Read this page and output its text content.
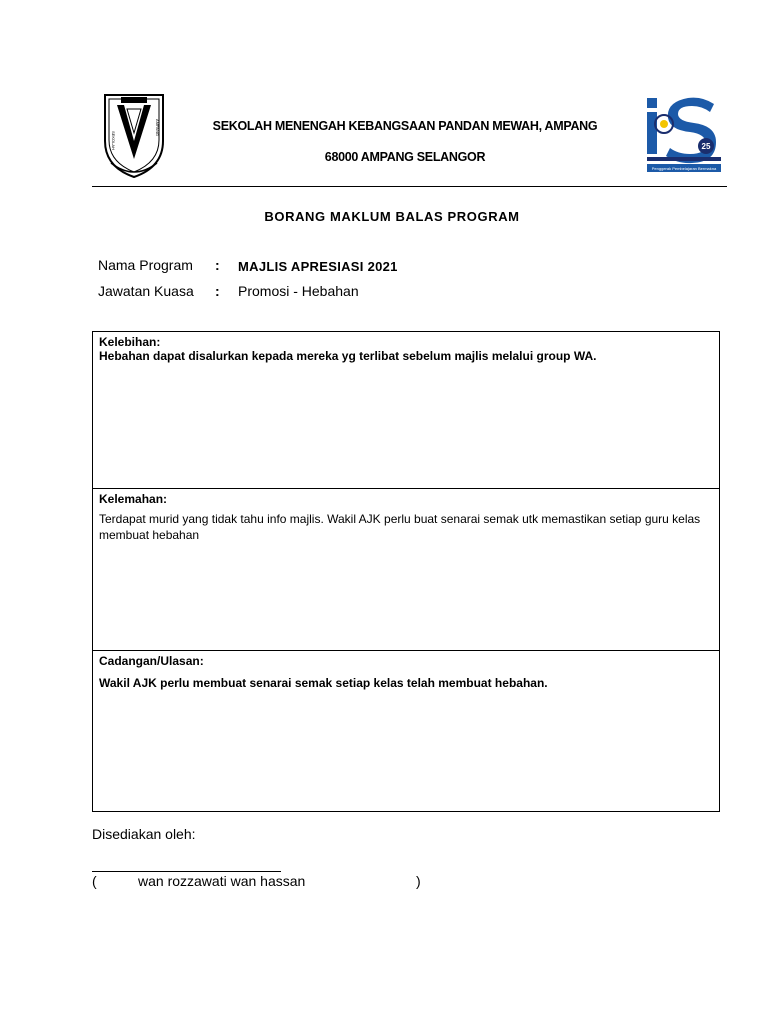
SEKOLAH
AMPANG
25
Penggerak Pembelajaran Bermakna
SEKOLAH MENENGAH KEBANGSAAN PANDAN MEWAH, AMPANG
68000 AMPANG SELANGOR
BORANG MAKLUM BALAS PROGRAM
Nama Program : MAJLIS APRESIASI 2021
Jawatan Kuasa : Promosi - Hebahan
Kelebihan:
Hebahan dapat disalurkan kepada mereka yg terlibat sebelum majlis melalui group WA.
Kelemahan:
Terdapat murid yang tidak tahu info majlis. Wakil AJK perlu buat senarai semak utk memastikan setiap guru kelas membuat hebahan
Cadangan/Ulasan:
Wakil AJK perlu membuat senarai semak setiap kelas telah membuat hebahan.
Disediakan oleh:
(	wan rozzawati wan hassan	)
